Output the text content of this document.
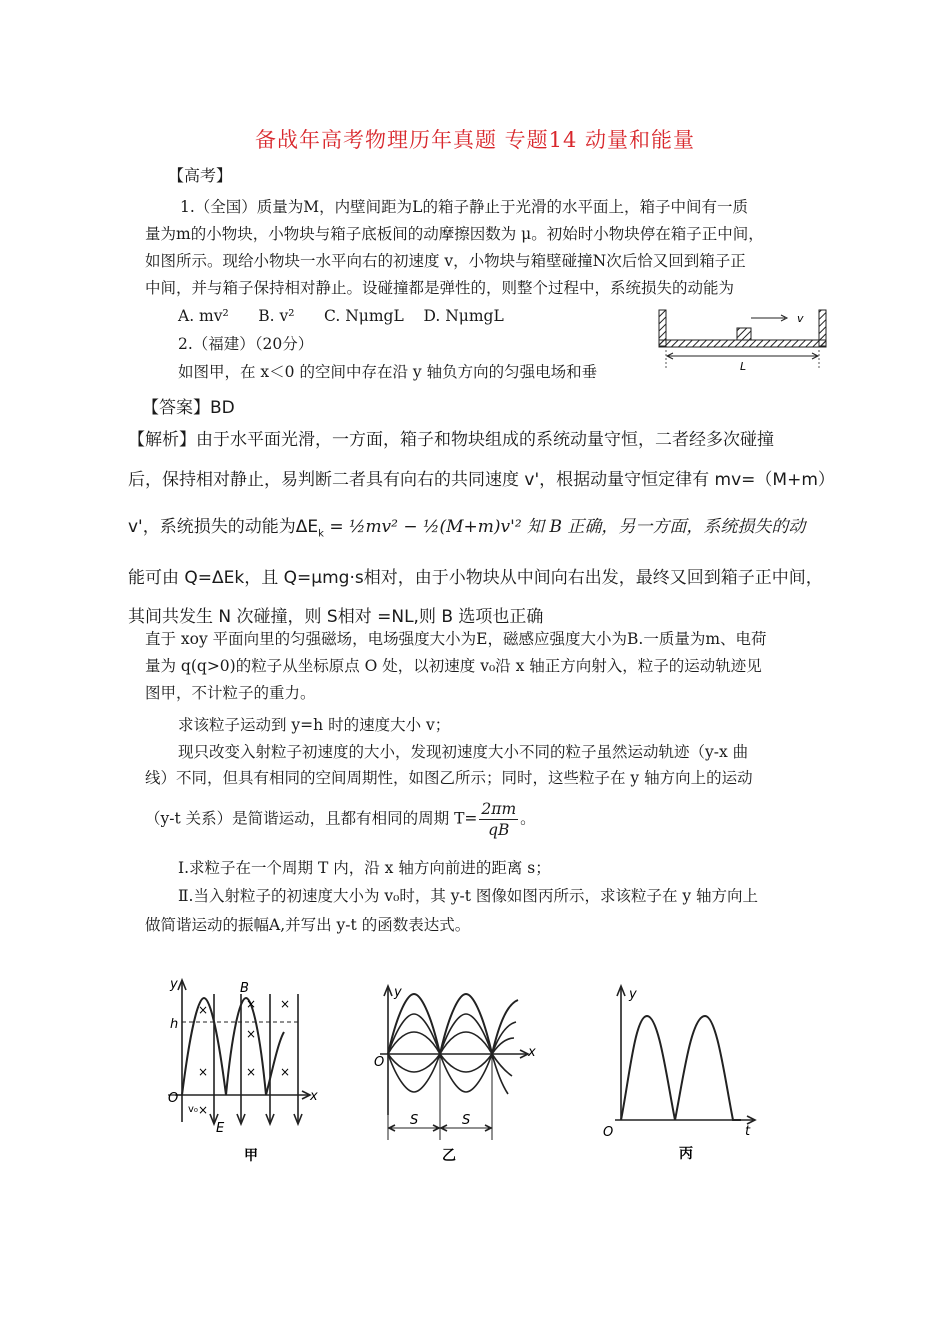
备战年高考物理历年真题 专题14 动量和能量
【高考】
1.（全国）质量为M，内壁间距为L的箱子静止于光滑的水平面上，箱子中间有一质
量为m的小物块，小物块与箱子底板间的动摩擦因数为 μ。初始时小物块停在箱子正中间，
如图所示。现给小物块一水平向右的初速度 v，小物块与箱壁碰撞N次后恰又回到箱子正
中间，并与箱子保持相对静止。设碰撞都是弹性的，则整个过程中，系统损失的动能为
A. mv²      B. v²      C. NμmgL    D. NμmgL
2.（福建）（20分）
如图甲，在 x＜0 的空间中存在沿 y 轴负方向的匀强电场和垂
v
L
【答案】BD
【解析】由于水平面光滑，一方面，箱子和物块组成的系统动量守恒，二者经多次碰撞
后，保持相对静止，易判断二者具有向右的共同速度 v'，根据动量守恒定律有 mv=（M+m）
v'，系统损失的动能为$\Delta E_k$ = ½mv² − ½(M+m)v'² 知 B 正确，另一方面，系统损失的动
能可由 Q=ΔEk，且 Q=μmg·s相对，由于小物块从中间向右出发，最终又回到箱子正中间，
其间共发生 N 次碰撞，则 S相对 =NL,则 B 选项也正确
直于 xoy 平面向里的匀强磁场，电场强度大小为E，磁感应强度大小为B.一质量为m、电荷
量为 q(q>0)的粒子从坐标原点 O 处，以初速度 v₀沿 x 轴正方向射入，粒子的运动轨迹见
图甲，不计粒子的重力。
求该粒子运动到 y=h 时的速度大小 v；
现只改变入射粒子初速度的大小，发现初速度大小不同的粒子虽然运动轨迹（y-x 曲
线）不同，但具有相同的空间周期性，如图乙所示；同时，这些粒子在 y 轴方向上的运动
（y-t 关系）是简谐运动，且都有相同的周期 $T= \frac{2\pi m}{qB}$ 。
Ⅰ.求粒子在一个周期 T 内，沿 x 轴方向前进的距离 s；
Ⅱ.当入射粒子的初速度大小为 v₀时，其 y-t 图像如图丙所示，求该粒子在 y 轴方向上
做简谐运动的振幅A,并写出 y-t 的函数表达式。
y
x
O
h
B
E
v₀
×
×
×
×
×
×
×
×
甲
y
x
O
S	S
乙
y
t
O
丙
